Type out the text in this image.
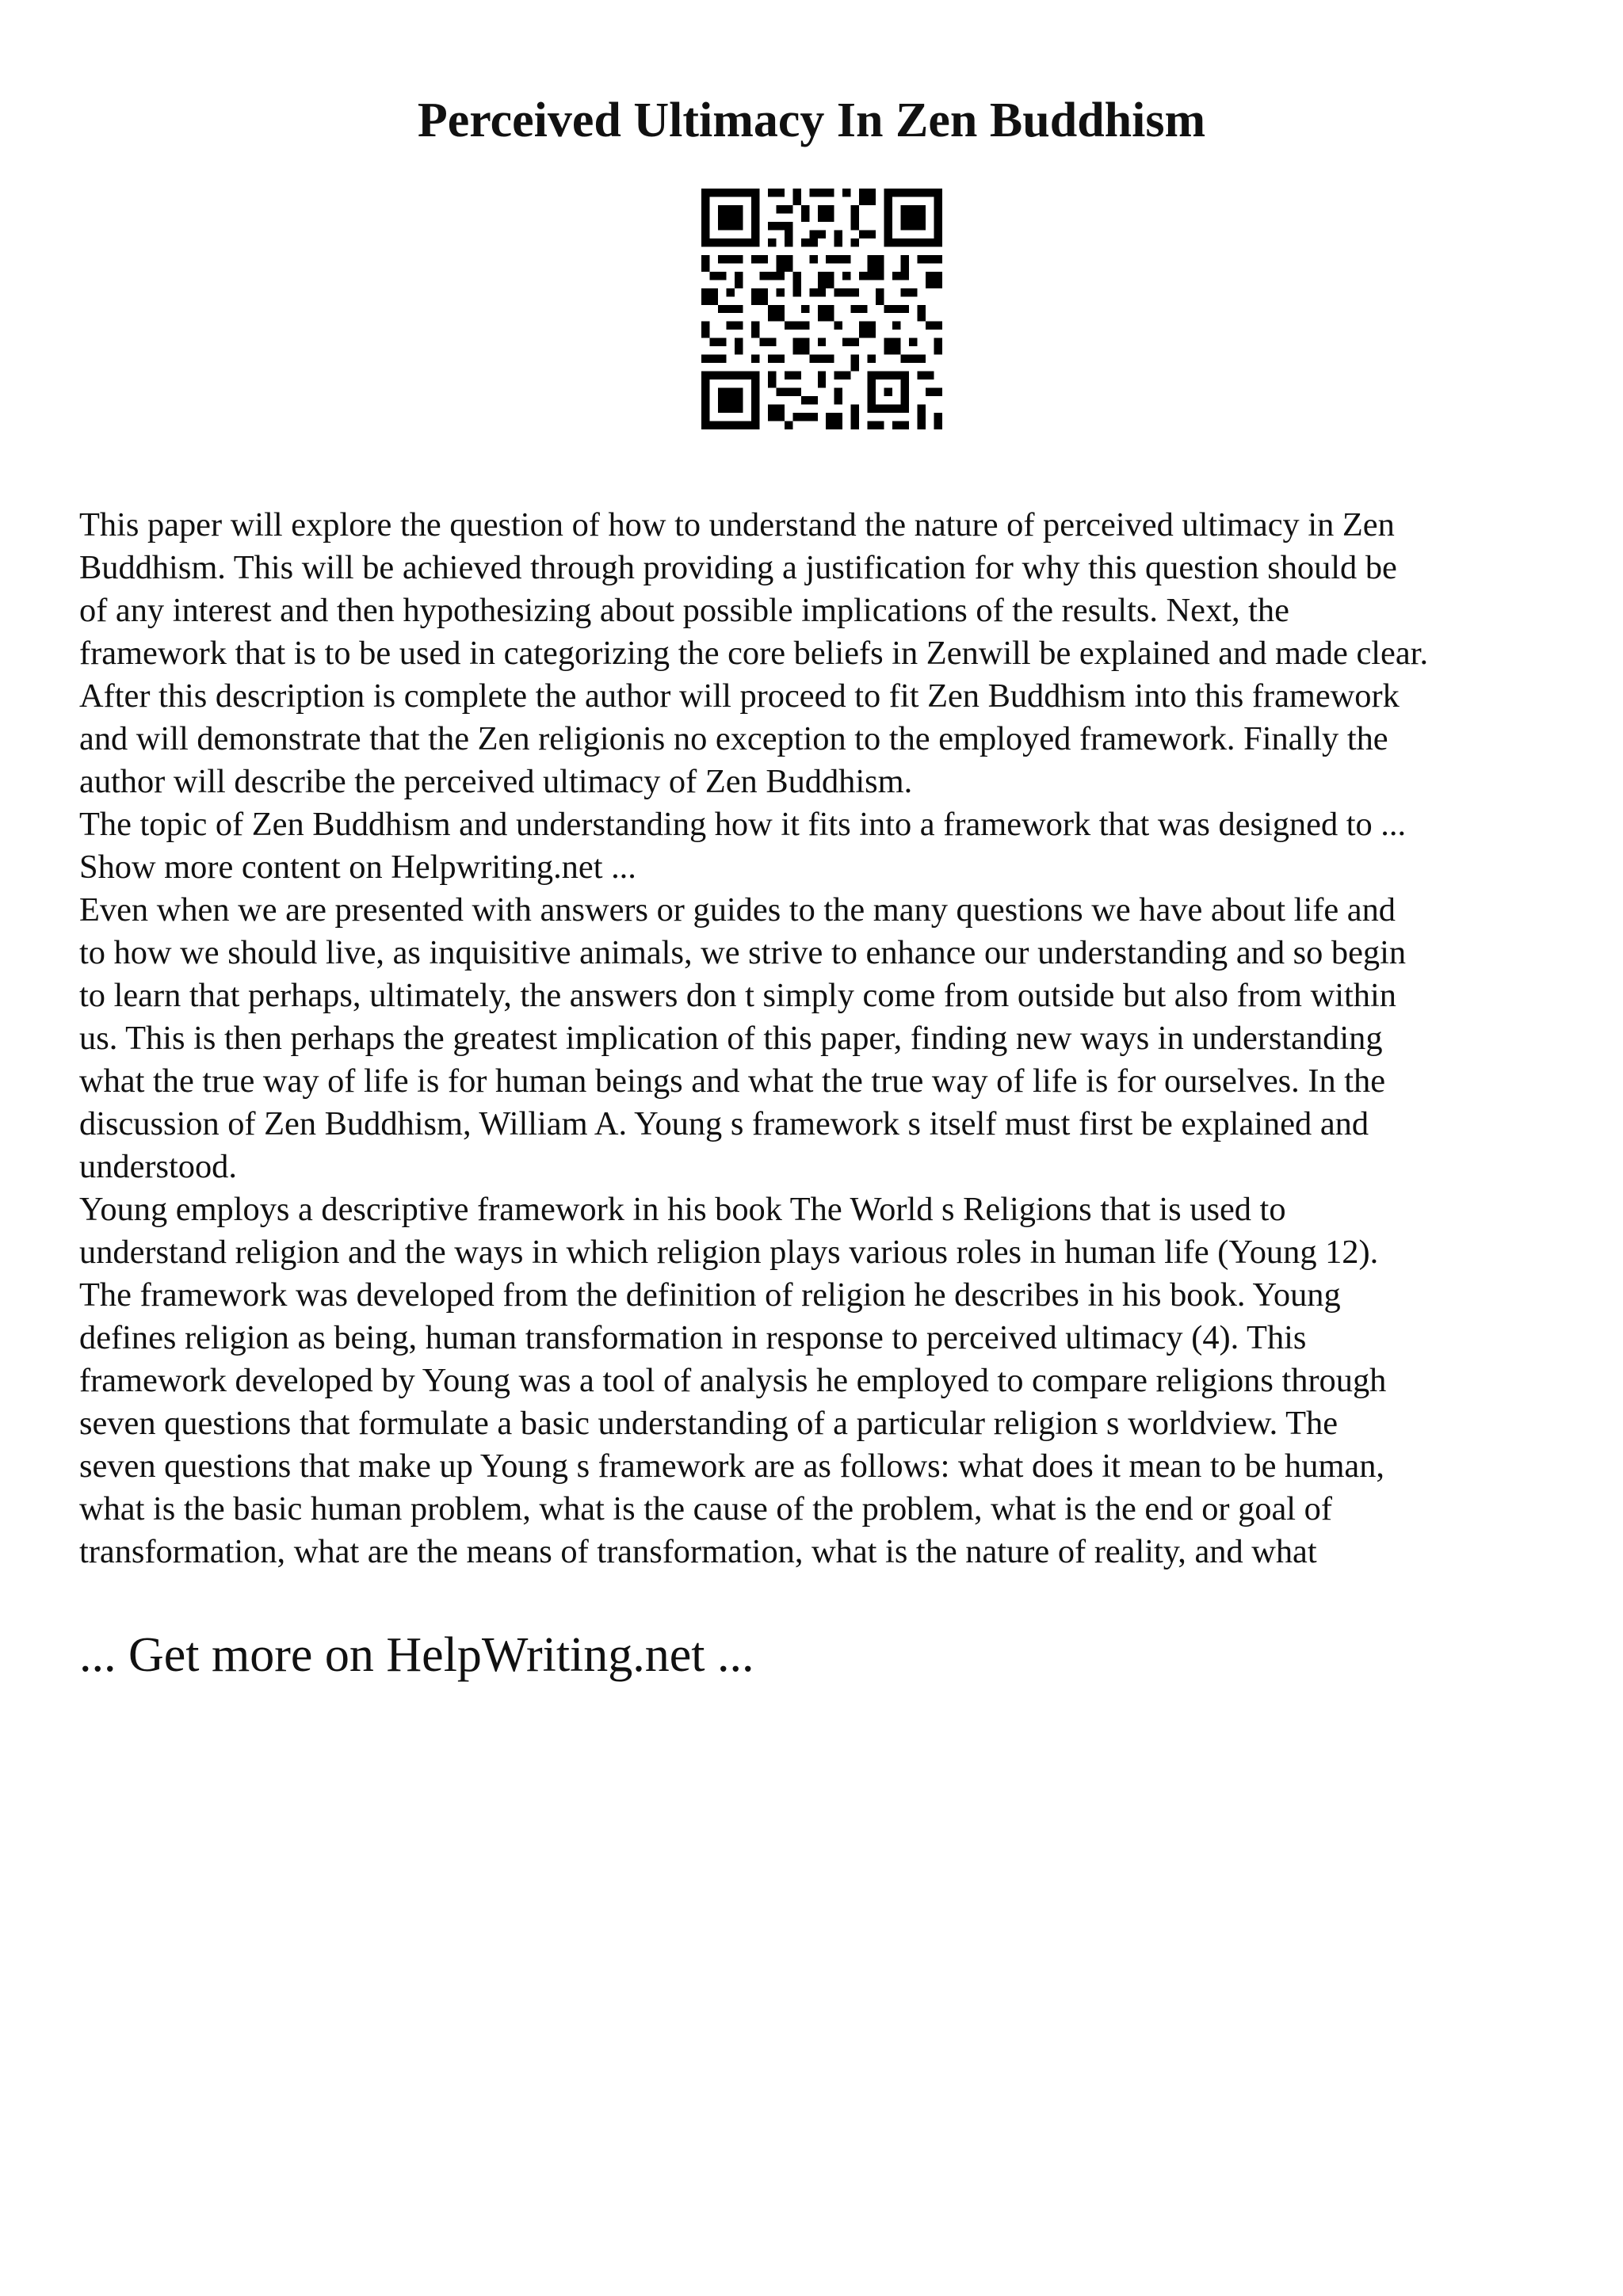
Perceived Ultimacy In Zen Buddhism

This paper will explore the question of how to understand the nature of perceived ultimacy in Zen
Buddhism. This will be achieved through providing a justification for why this question should be
of any interest and then hypothesizing about possible implications of the results. Next, the
framework that is to be used in categorizing the core beliefs in Zenwill be explained and made clear.
After this description is complete the author will proceed to fit Zen Buddhism into this framework
and will demonstrate that the Zen religionis no exception to the employed framework. Finally the
author will describe the perceived ultimacy of Zen Buddhism.

The topic of Zen Buddhism and understanding how it fits into a framework that was designed to ...
Show more content on Helpwriting.net ...

Even when we are presented with answers or guides to the many questions we have about life and
to how we should live, as inquisitive animals, we strive to enhance our understanding and so begin
to learn that perhaps, ultimately, the answers don t simply come from outside but also from within
us. This is then perhaps the greatest implication of this paper, finding new ways in understanding
what the true way of life is for human beings and what the true way of life is for ourselves. In the
discussion of Zen Buddhism, William A. Young s framework s itself must first be explained and
understood.

Young employs a descriptive framework in his book The World s Religions that is used to
understand religion and the ways in which religion plays various roles in human life (Young 12).
The framework was developed from the definition of religion he describes in his book. Young
defines religion as being, human transformation in response to perceived ultimacy (4). This
framework developed by Young was a tool of analysis he employed to compare religions through
seven questions that formulate a basic understanding of a particular religion s worldview. The
seven questions that make up Young s framework are as follows: what does it mean to be human,
what is the basic human problem, what is the cause of the problem, what is the end or goal of
transformation, what are the means of transformation, what is the nature of reality, and what

... Get more on HelpWriting.net ...
